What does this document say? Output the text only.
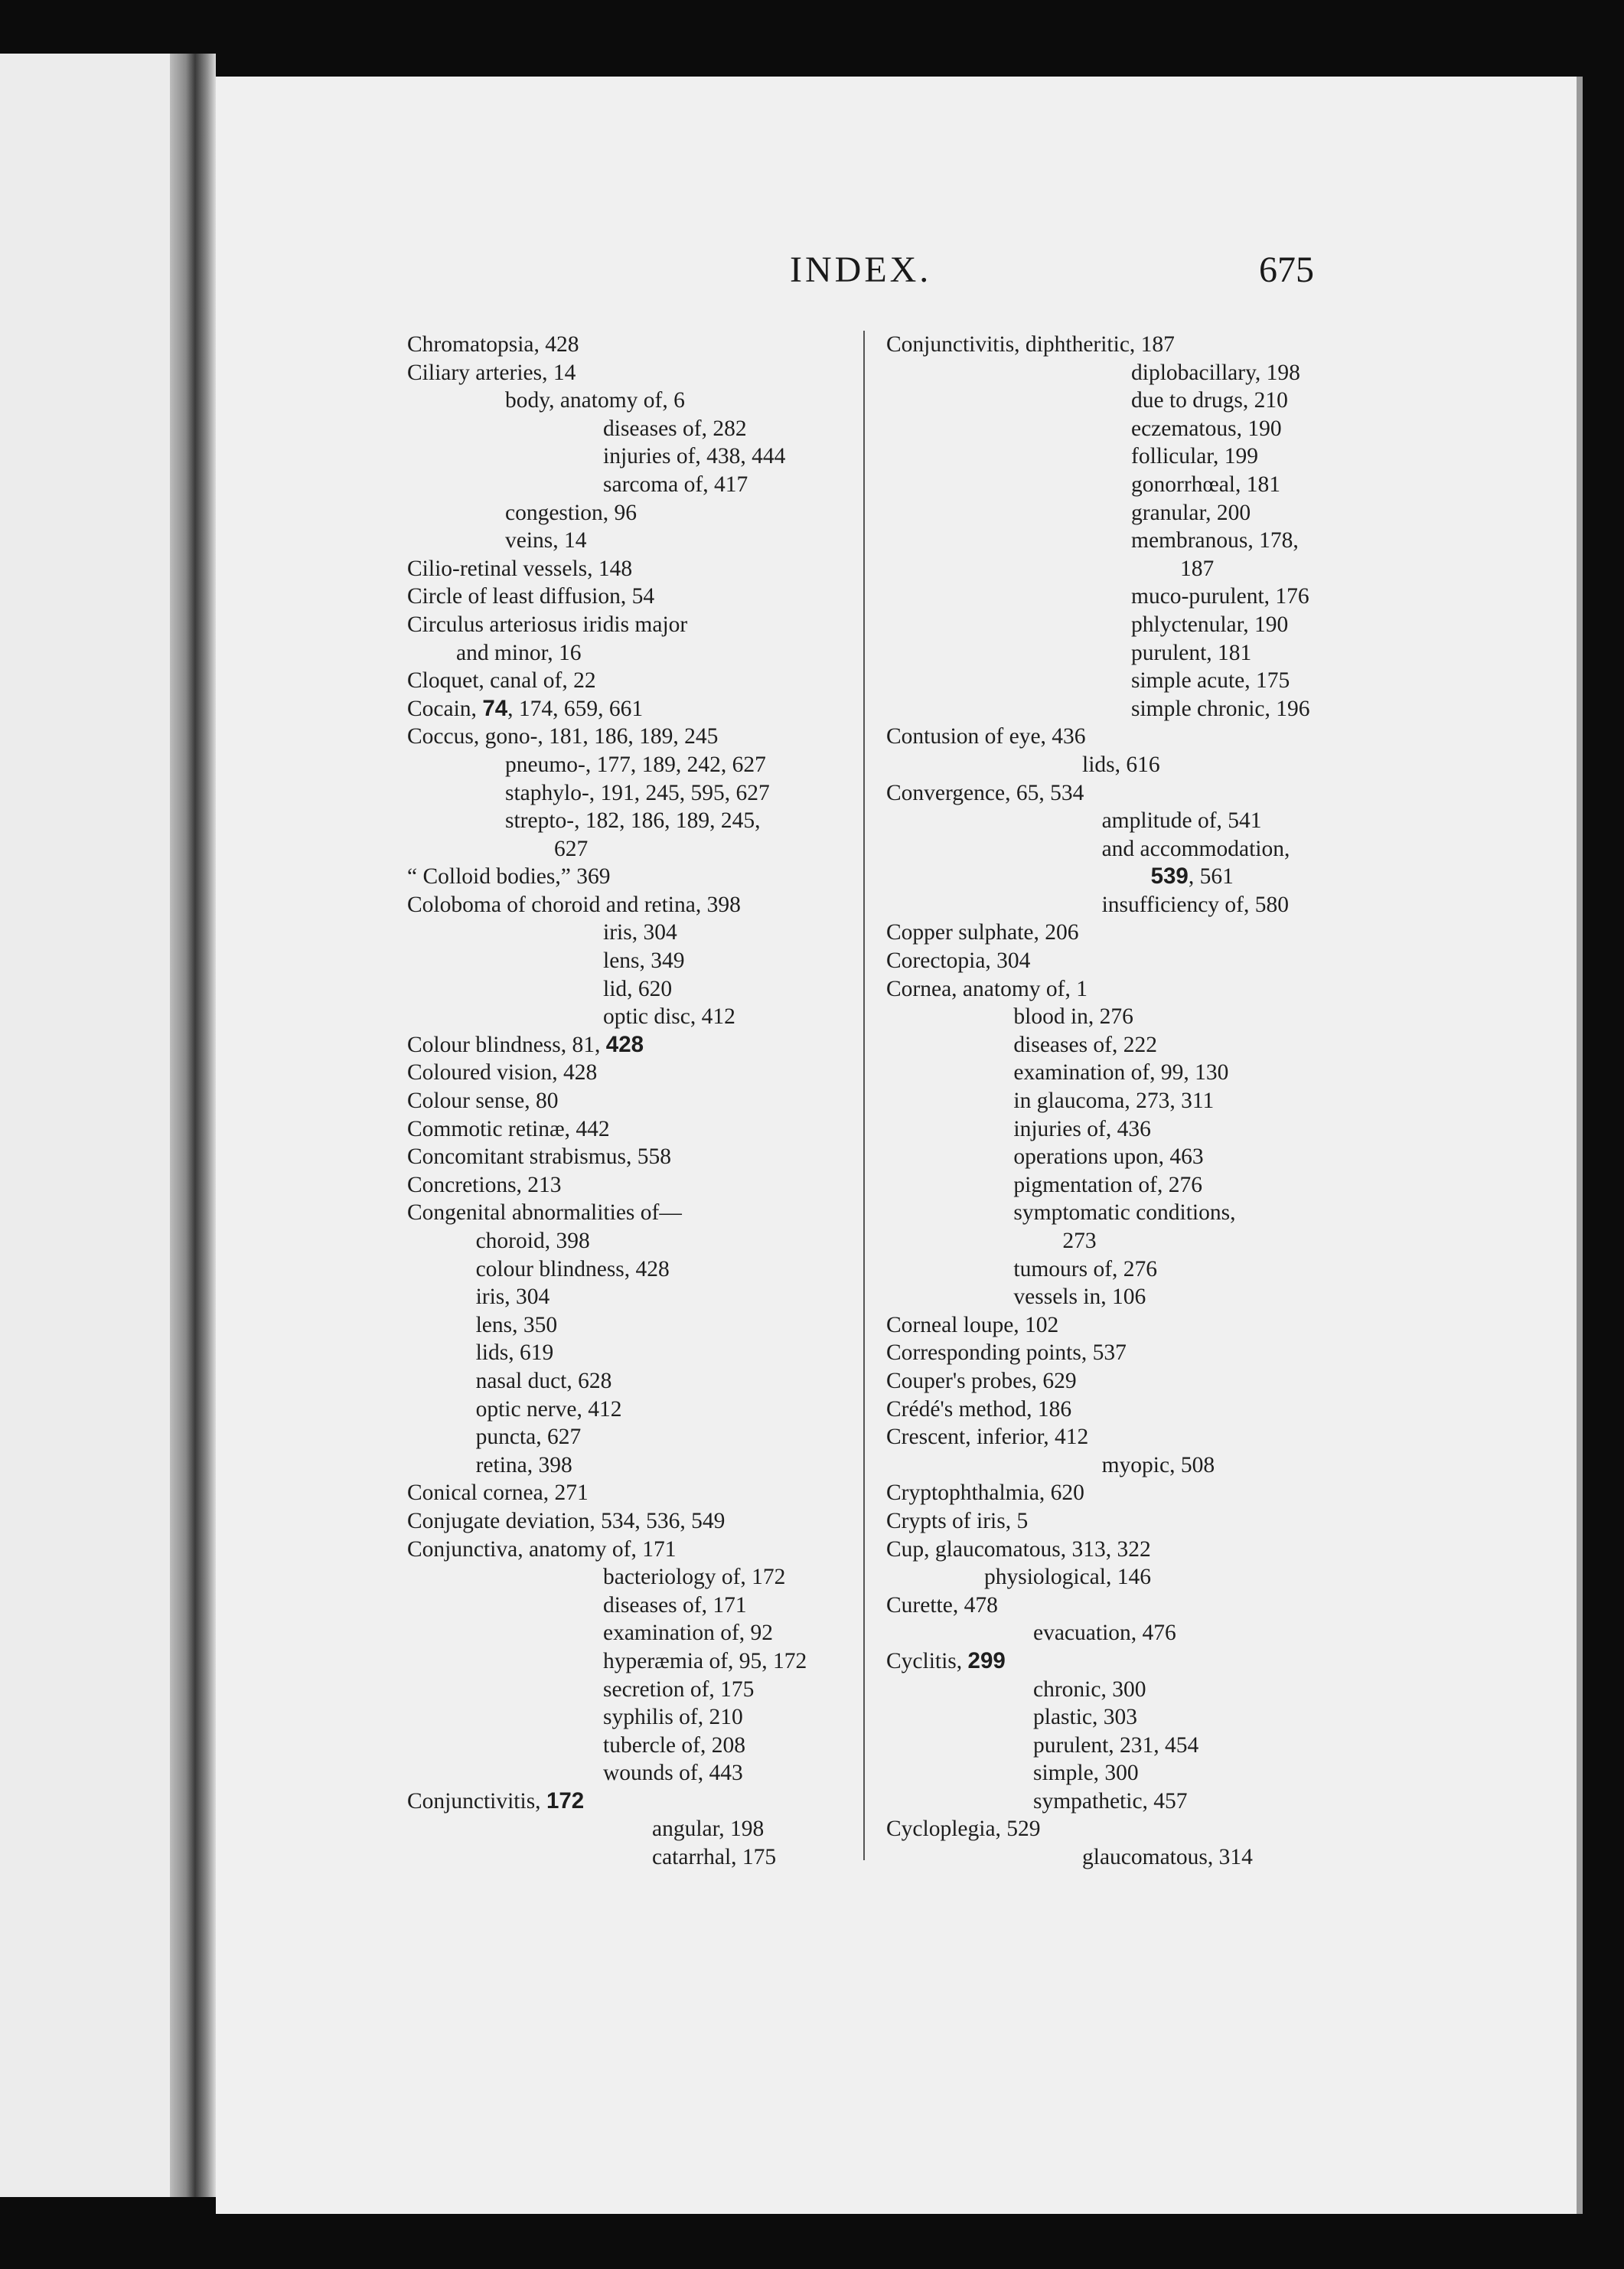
INDEX.	675
Chromatopsia, 428
Ciliary arteries, 14
body, anatomy of, 6
diseases of, 282
injuries of, 438, 444
sarcoma of, 417
congestion, 96
veins, 14
Cilio-retinal vessels, 148
Circle of least diffusion, 54
Circulus arteriosus iridis major
and minor, 16
Cloquet, canal of, 22
Cocain, 74, 174, 659, 661
Coccus, gono-, 181, 186, 189, 245
pneumo-, 177, 189, 242, 627
staphylo-, 191, 245, 595, 627
strepto-, 182, 186, 189, 245,
627
“ Colloid bodies,” 369
Coloboma of choroid and retina, 398
iris, 304
lens, 349
lid, 620
optic disc, 412
Colour blindness, 81, 428
Coloured vision, 428
Colour sense, 80
Commotic retinæ, 442
Concomitant strabismus, 558
Concretions, 213
Congenital abnormalities of—
choroid, 398
colour blindness, 428
iris, 304
lens, 350
lids, 619
nasal duct, 628
optic nerve, 412
puncta, 627
retina, 398
Conical cornea, 271
Conjugate deviation, 534, 536, 549
Conjunctiva, anatomy of, 171
bacteriology of, 172
diseases of, 171
examination of, 92
hyperæmia of, 95, 172
secretion of, 175
syphilis of, 210
tubercle of, 208
wounds of, 443
Conjunctivitis, 172
angular, 198
catarrhal, 175
Conjunctivitis, diphtheritic, 187
diplobacillary, 198
due to drugs, 210
eczematous, 190
follicular, 199
gonorrhœal, 181
granular, 200
membranous, 178,
187
muco-purulent, 176
phlyctenular, 190
purulent, 181
simple acute, 175
simple chronic, 196
Contusion of eye, 436
lids, 616
Convergence, 65, 534
amplitude of, 541
and accommodation,
539, 561
insufficiency of, 580
Copper sulphate, 206
Corectopia, 304
Cornea, anatomy of, 1
blood in, 276
diseases of, 222
examination of, 99, 130
in glaucoma, 273, 311
injuries of, 436
operations upon, 463
pigmentation of, 276
symptomatic conditions,
273
tumours of, 276
vessels in, 106
Corneal loupe, 102
Corresponding points, 537
Couper's probes, 629
Crédé's method, 186
Crescent, inferior, 412
myopic, 508
Cryptophthalmia, 620
Crypts of iris, 5
Cup, glaucomatous, 313, 322
physiological, 146
Curette, 478
evacuation, 476
Cyclitis, 299
chronic, 300
plastic, 303
purulent, 231, 454
simple, 300
sympathetic, 457
Cycloplegia, 529
glaucomatous, 314
